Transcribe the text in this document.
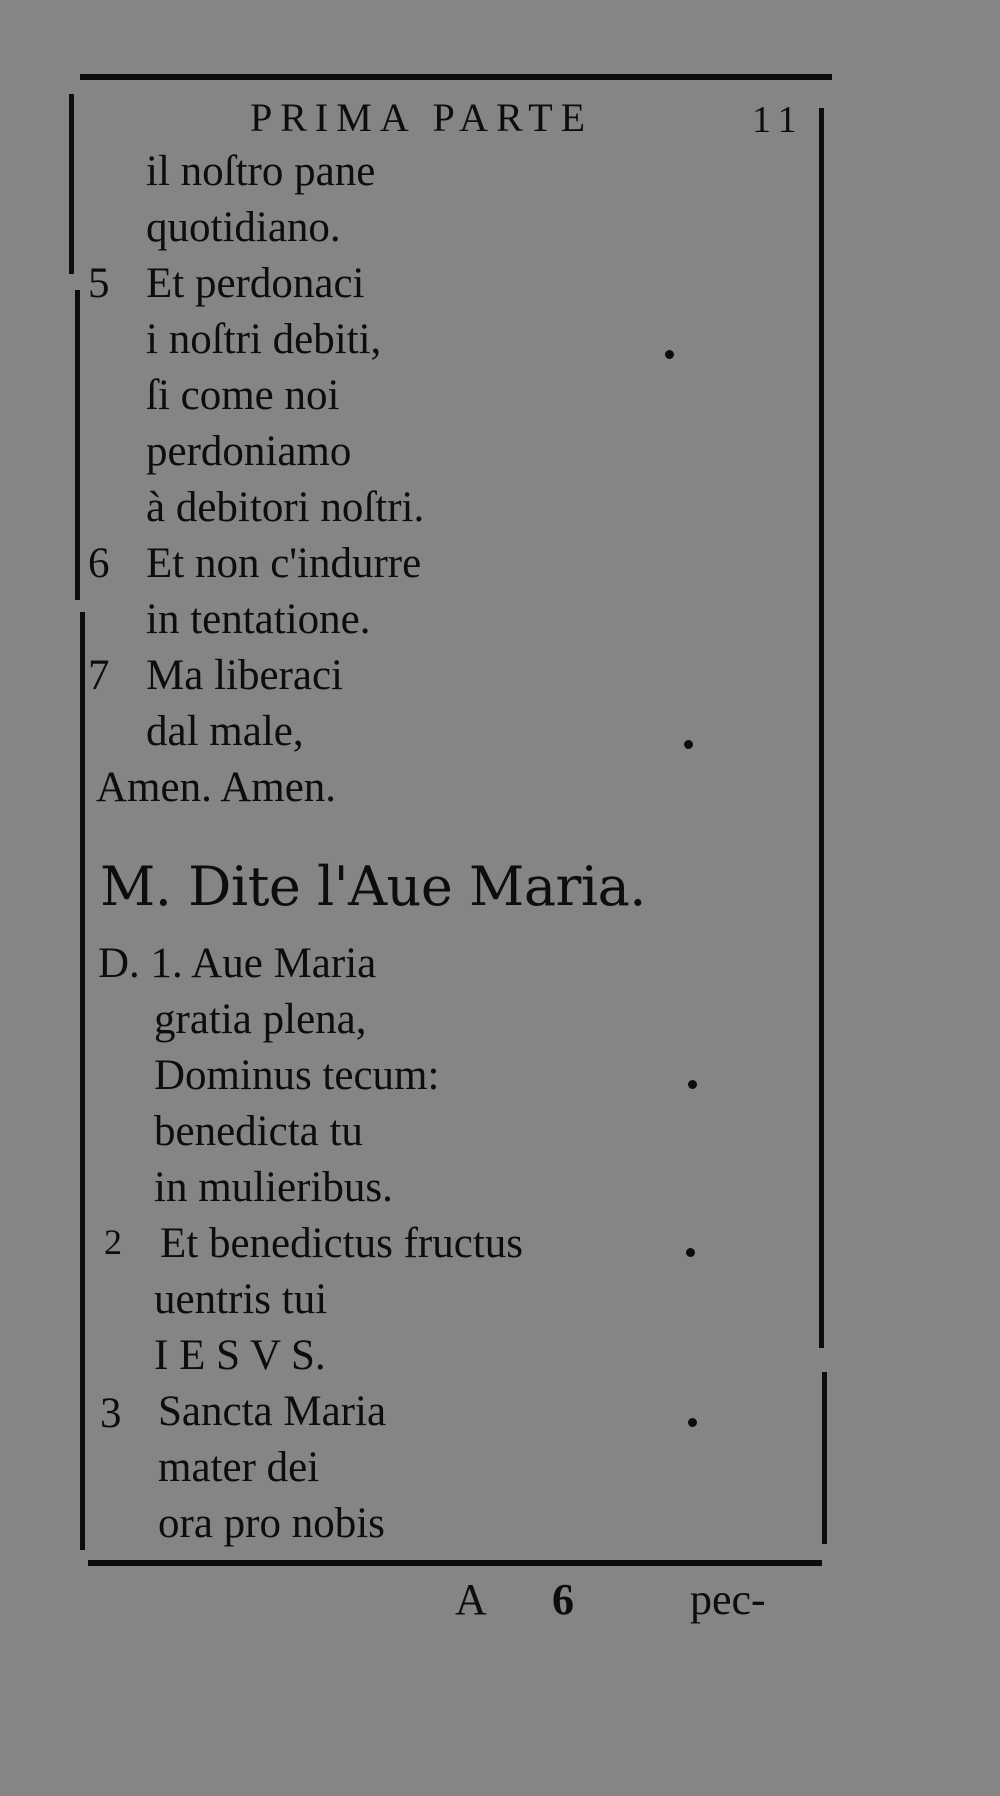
PRIMA PARTE	11
il noſtro pane
quotidiano.
5 Et perdonaci
i noſtri debiti,
ſi come noi
perdoniamo
à debitori noſtri.
6 Et non c'indurre
in tentatione.
7 Ma liberaci
dal male,
Amen. Amen.
M. Dite l'Aue Maria.
D. 1. Aue Maria
gratia plena,
Dominus tecum:
benedicta tu
in mulieribus.
2 Et benedictus fructus
uentris tui
I E S V S.
3 Sancta Maria
mater dei
ora pro nobis
A 6	pec-
